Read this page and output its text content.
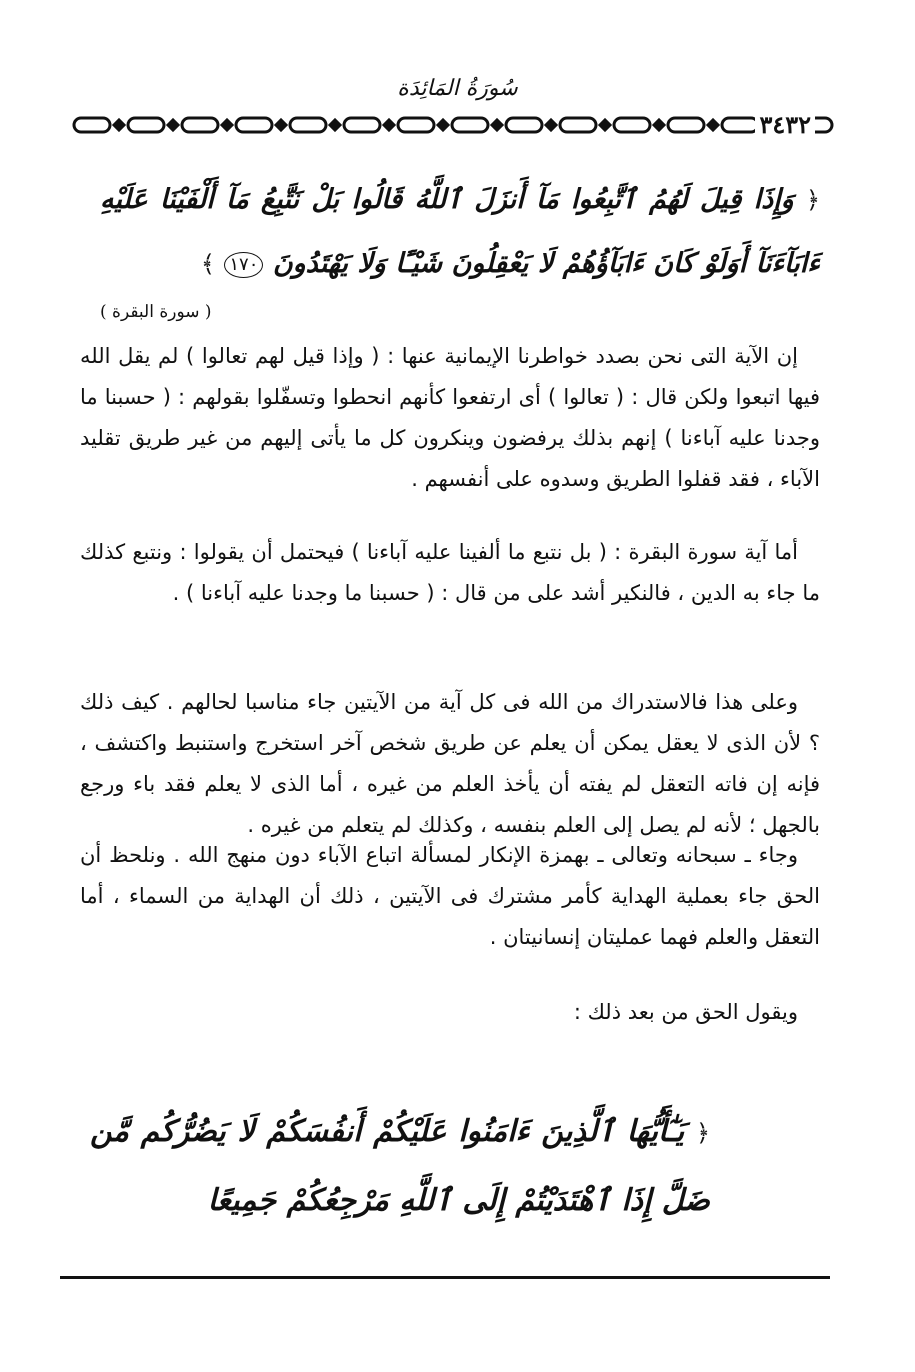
سُورَةُ المَائِدَة
٣٤٣٢
﴿ وَإِذَا قِيلَ لَهُمُ ٱتَّبِعُوا مَآ أَنزَلَ ٱللَّهُ قَالُوا بَلْ نَتَّبِعُ مَآ أَلْفَيْنَا عَلَيْهِ ءَابَآءَنَآ أَوَلَوْ كَانَ ءَابَآؤُهُمْ لَا يَعْقِلُونَ شَيْـًٔا وَلَا يَهْتَدُونَ ١٧٠ ﴾
( سورة البقرة )
إن الآية التى نحن بصدد خواطرنا الإيمانية عنها : ( وإذا قيل لهم تعالوا ) لم يقل الله فيها اتبعوا ولكن قال : ( تعالوا ) أى ارتفعوا كأنهم انحطوا وتسفّلوا بقولهم : ( حسبنا ما وجدنا عليه آباءنا ) إنهم بذلك يرفضون وينكرون كل ما يأتى إليهم من غير طريق تقليد الآباء ، فقد قفلوا الطريق وسدوه على أنفسهم .
أما آية سورة البقرة : ( بل نتبع ما ألفينا عليه آباءنا ) فيحتمل أن يقولوا : ونتبع كذلك ما جاء به الدين ، فالنكير أشد على من قال : ( حسبنا ما وجدنا عليه آباءنا ) .
وعلى هذا فالاستدراك من الله فى كل آية من الآيتين جاء مناسبا لحالهم . كيف ذلك ؟ لأن الذى لا يعقل يمكن أن يعلم عن طريق شخص آخر استخرج واستنبط واكتشف ، فإنه إن فاته التعقل لم يفته أن يأخذ العلم من غيره ، أما الذى لا يعلم فقد باء ورجع بالجهل ؛ لأنه لم يصل إلى العلم بنفسه ، وكذلك لم يتعلم من غيره .
وجاء ـ سبحانه وتعالى ـ بهمزة الإنكار لمسألة اتباع الآباء دون منهج الله . ونلحظ أن الحق جاء بعملية الهداية كأمر مشترك فى الآيتين ، ذلك أن الهداية من السماء ، أما التعقل والعلم فهما عمليتان إنسانيتان .
ويقول الحق من بعد ذلك :
﴿ يَـٰٓأَيُّهَا ٱلَّذِينَ ءَامَنُوا عَلَيْكُمْ أَنفُسَكُمْ لَا يَضُرُّكُم مَّن ضَلَّ إِذَا ٱهْتَدَيْتُمْ إِلَى ٱللَّهِ مَرْجِعُكُمْ جَمِيعًا
